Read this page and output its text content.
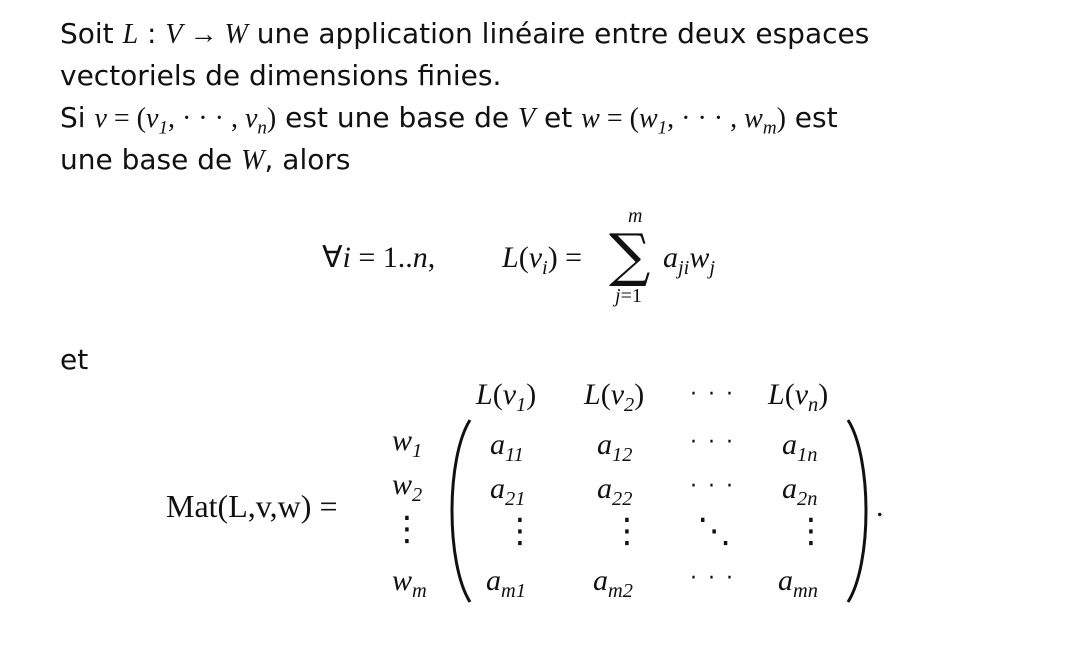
Soit L : V → W une application linéaire entre deux espaces
vectoriels de dimensions finies.
Si $v = (v_1$, · · · , $v_n$) est une base de V et $w = (w_1$, · · · , $w_m$) est
une base de W, alors
∀i = 1..n, $L(v_i)$ =
m
∑
j=1
$a_{ji}w_j$
et
Mat(L,v,w) =
$L(v_1) L(v_2)$ · · · $L(v_n)$
$w_1$
$w_2$
⋮
$w_m$
.
$a_{11}$ $a_{12}$
· · · $a_{1n}$
$a_{21}$ $a_{22}$
· · · $a_{2n}$
⋮ ⋮ ⋱ ⋮
$a_{m1}$ $a_{m2}$
· · · $a_{mn}$
